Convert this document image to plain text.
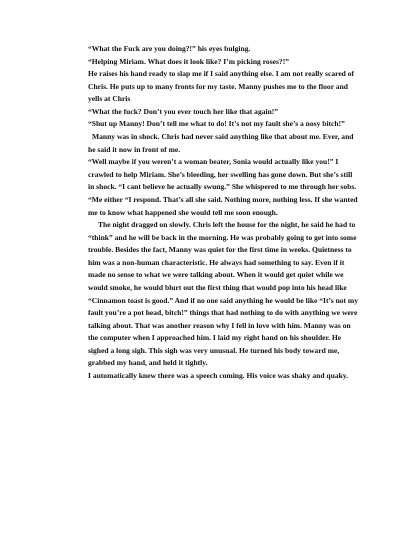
“What the Fuck are you doing?!” his eyes bulging.

“Helping Miriam. What does it look like? I’m picking roses?!”

He raises his hand ready to slap me if I said anything else. I am not really scared of Chris. He puts up to many fronts for my taste. Manny pushes me to the floor and yells at Chris

“What the fuck? Don’t you ever touch her like that again!”

“Shut up Manny! Don’t tell me what to do! It’s not my fault she’s a nosy bitch!”

Manny was in shock. Chris had never said anything like that about me. Ever, and he said it now in front of me.

“Well maybe if you weren’t a woman beater, Sonia would actually like you!” I crawled to help Miriam. She’s bleeding, her swelling has gone down. But she’s still in shock. “I cant believe he actually swung.” She whispered to me through her sobs. “Me either “I respond. That’s all she said. Nothing more, nothing less. If she wanted me to know what happened she would tell me soon enough.

The night dragged on slowly. Chris left the house for the night, he said he had to “think” and he will be back in the morning. He was probably going to get into some trouble. Besides the fact, Manny was quiet for the first time in weeks. Quietness to him was a non-human characteristic. He always had something to say. Even if it made no sense to what we were talking about. When it would get quiet while we would smoke, he would blurt out the first thing that would pop into his head like “Cinnamon toast is good.” And if no one said anything he would be like “It’s not my fault you’re a pot head, bitch!” things that had nothing to do with anything we were talking about. That was another reason why I fell in love with him. Manny was on the computer when I approached him. I laid my right hand on his shoulder. He sighed a long sigh. This sigh was very unusual. He turned his body toward me, grabbed my hand, and held it tightly.

I automatically knew there was a speech coming. His voice was shaky and quaky.
